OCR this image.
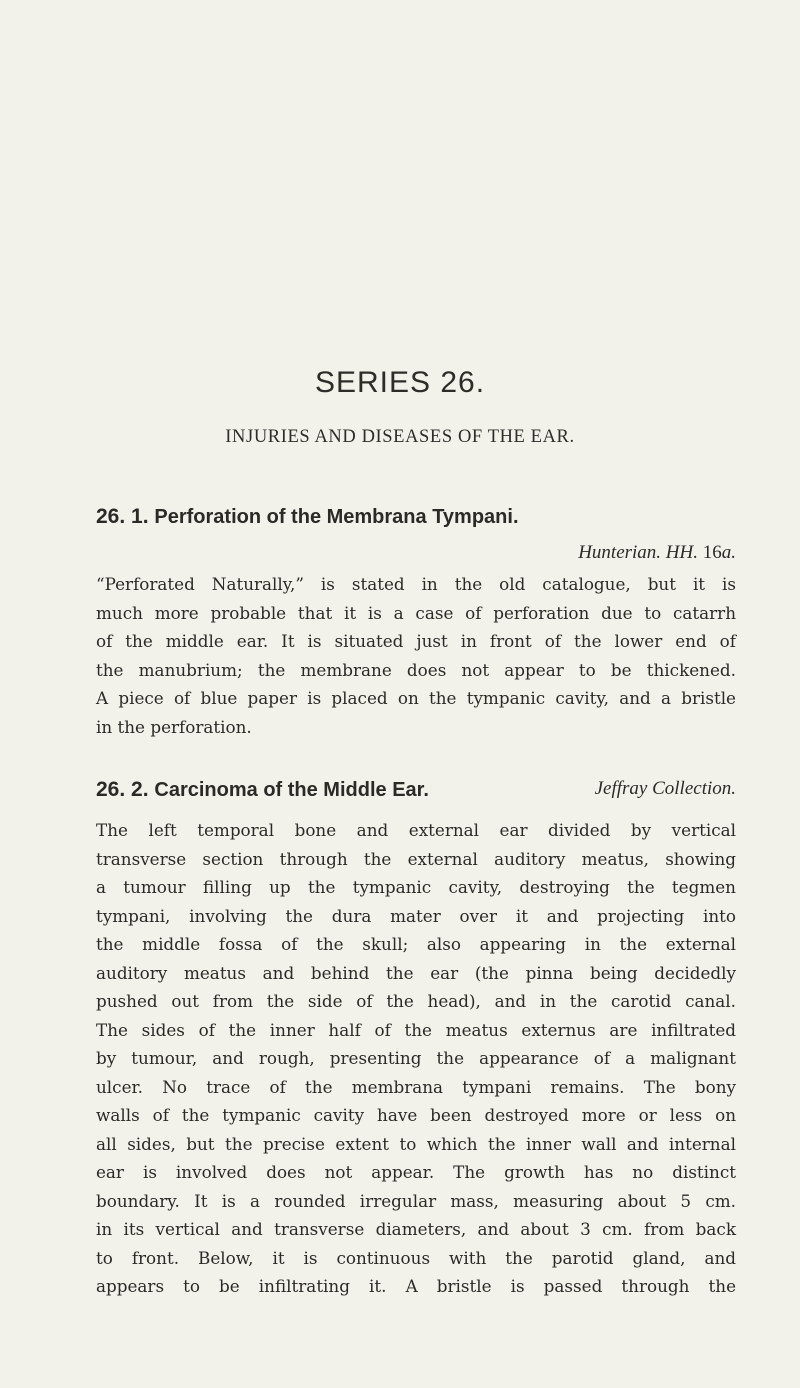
SERIES 26.
INJURIES AND DISEASES OF THE EAR.
26. 1. Perforation of the Membrana Tympani.
Hunterian. HH. 16a.
“Perforated Naturally,” is stated in the old catalogue, but it is
much more probable that it is a case of perforation due to catarrh
of the middle ear. It is situated just in front of the lower end of
the manubrium; the membrane does not appear to be thickened.
A piece of blue paper is placed on the tympanic cavity, and a bristle
in the perforation.
26. 2. Carcinoma of the Middle Ear.	Jeffray Collection.
The left temporal bone and external ear divided by vertical
transverse section through the external auditory meatus, showing
a tumour filling up the tympanic cavity, destroying the tegmen
tympani, involving the dura mater over it and projecting into
the middle fossa of the skull; also appearing in the external
auditory meatus and behind the ear (the pinna being decidedly
pushed out from the side of the head), and in the carotid canal.
The sides of the inner half of the meatus externus are infiltrated
by tumour, and rough, presenting the appearance of a malignant
ulcer. No trace of the membrana tympani remains. The bony
walls of the tympanic cavity have been destroyed more or less on
all sides, but the precise extent to which the inner wall and internal
ear is involved does not appear. The growth has no distinct
boundary. It is a rounded irregular mass, measuring about 5 cm.
in its vertical and transverse diameters, and about 3 cm. from back
to front. Below, it is continuous with the parotid gland, and
appears to be infiltrating it. A bristle is passed through the
